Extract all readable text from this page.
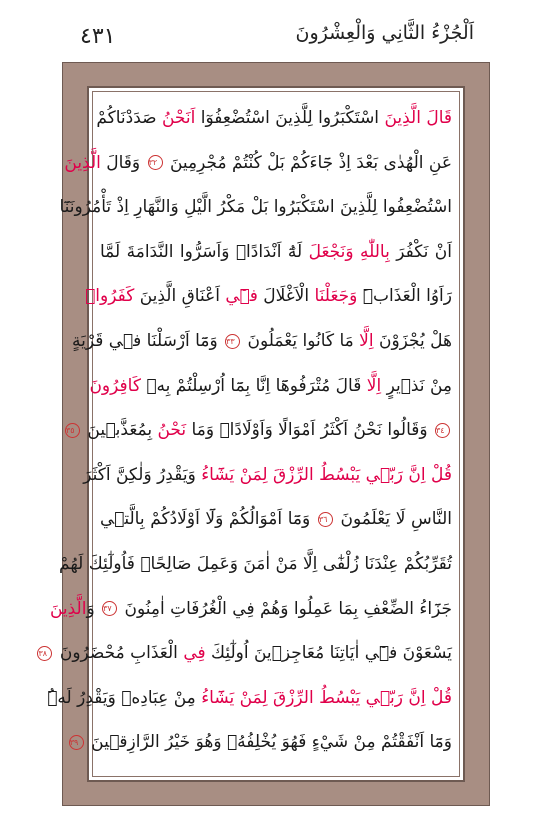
٤٣١	اَلْجُزْءُ الثَّانِي وَالْعِشْرُونَ
قَالَ الَّذِينَ اسْتَكْبَرُوا لِلَّذِينَ اسْتُضْعِفُوٓا اَنَحْنُ صَدَدْنَاكُمْ
عَنِ الْهُدٰى بَعْدَ اِذْ جَٓاءَكُمْ بَلْ كُنْتُمْ مُجْرِمِينَ ٣٢ وَقَالَ الَّذِينَ
اسْتُضْعِفُوا لِلَّذِينَ اسْتَكْبَرُوا بَلْ مَكْرُ الَّيْلِ وَالنَّهَارِ اِذْ تَأْمُرُونَنَٓا
اَنْ نَكْفُرَ بِاللّٰهِ وَنَجْعَلَ لَهُٓ اَنْدَادًاۜ وَاَسَرُّوا النَّدَامَةَ لَمَّا
رَاَوُا الْعَذَابَۜ وَجَعَلْنَا الْاَغْلَالَ فٖٓي اَعْنَاقِ الَّذِينَ كَفَرُواۜ
هَلْ يُجْزَوْنَ اِلَّا مَا كَانُوا يَعْمَلُونَ ٣٣ وَمَٓا اَرْسَلْنَا فٖي قَرْيَةٍ
مِنْ نَذٖيرٍ اِلَّا قَالَ مُتْرَفُوهَٓا اِنَّا بِمَٓا اُرْسِلْتُمْ بِهٖ كَافِرُونَ
٣٤ وَقَالُوا نَحْنُ اَكْثَرُ اَمْوَالًا وَاَوْلَادًاۙ وَمَا نَحْنُ بِمُعَذَّبٖينَ ٣٥
قُلْ اِنَّ رَبّٖي يَبْسُطُ الرِّزْقَ لِمَنْ يَشَٓاءُ وَيَقْدِرُ وَلٰكِنَّ اَكْثَرَ
النَّاسِ لَا يَعْلَمُونَ ٣٦ وَمَٓا اَمْوَالُكُمْ وَلَٓا اَوْلَادُكُمْ بِالَّتٖي
تُقَرِّبُكُمْ عِنْدَنَا زُلْفٰٓى اِلَّا مَنْ اٰمَنَ وَعَمِلَ صَالِحًاۘ فَاُولٰٓئِكَ لَهُمْ
جَزَٓاءُ الضِّعْفِ بِمَا عَمِلُوا وَهُمْ فِي الْغُرُفَاتِ اٰمِنُونَ ٣٧ وَالَّذِينَ
يَسْعَوْنَ فٖٓي اٰيَاتِنَا مُعَاجِزٖينَ اُولٰٓئِكَ فِي الْعَذَابِ مُحْضَرُونَ ٣٨
قُلْ اِنَّ رَبّٖي يَبْسُطُ الرِّزْقَ لِمَنْ يَشَٓاءُ مِنْ عِبَادِهٖ وَيَقْدِرُ لَهُۜ
وَمَٓا اَنْفَقْتُمْ مِنْ شَيْءٍ فَهُوَ يُخْلِفُهُۚ وَهُوَ خَيْرُ الرَّازِقٖينَ ٣٩
